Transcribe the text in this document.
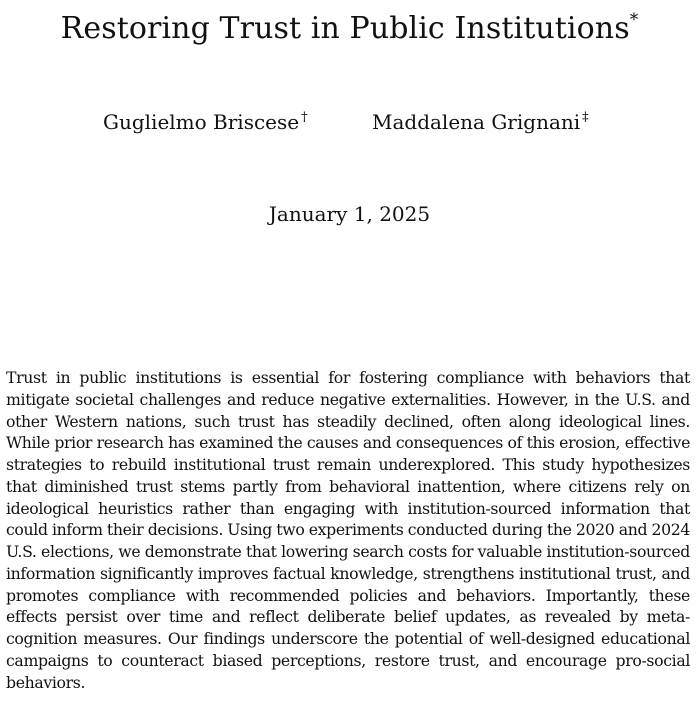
Restoring Trust in Public Institutions*
Guglielmo Briscese †	Maddalena Grignani ‡
January 1, 2025

Trust in public institutions is essential for fostering compliance with behaviors that mitigate societal challenges and reduce negative externalities. However, in the U.S. and other Western nations, such trust has steadily declined, often along ideological lines. While prior research has examined the causes and consequences of this erosion, effective strategies to rebuild institutional trust remain underexplored. This study hypothesizes that diminished trust stems partly from behavioral inattention, where citizens rely on ideological heuristics rather than engaging with institution-sourced information that could inform their decisions. Using two experiments conducted during the 2020 and 2024 U.S. elections, we demonstrate that lowering search costs for valuable institution-sourced information significantly improves factual knowledge, strengthens institutional trust, and promotes compliance with recommended policies and behaviors. Importantly, these effects persist over time and reflect deliberate belief updates, as revealed by meta-cognition measures. Our findings underscore the potential of well-designed educational campaigns to counteract biased perceptions, restore trust, and encourage pro-social behaviors.
